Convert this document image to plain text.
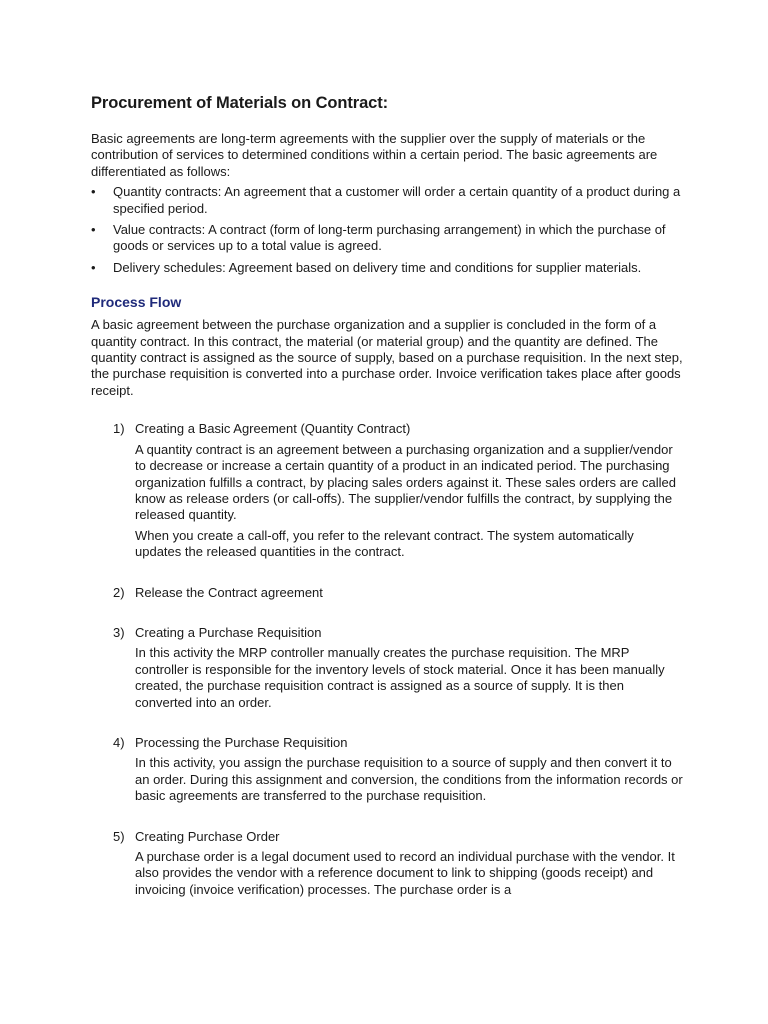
Procurement of Materials on Contract:

Basic agreements are long-term agreements with the supplier over the supply of materials or the contribution of services to determined conditions within a certain period. The basic agreements are differentiated as follows:

• Quantity contracts: An agreement that a customer will order a certain quantity of a product during a specified period.
• Value contracts: A contract (form of long-term purchasing arrangement) in which the purchase of goods or services up to a total value is agreed.
• Delivery schedules: Agreement based on delivery time and conditions for supplier materials.
Process Flow

A basic agreement between the purchase organization and a supplier is concluded in the form of a quantity contract. In this contract, the material (or material group) and the quantity are defined. The quantity contract is assigned as the source of supply, based on a purchase requisition. In the next step, the purchase requisition is converted into a purchase order. Invoice verification takes place after goods receipt.

1) Creating a Basic Agreement (Quantity Contract)

A quantity contract is an agreement between a purchasing organization and a supplier/vendor to decrease or increase a certain quantity of a product in an indicated period. The purchasing organization fulfills a contract, by placing sales orders against it. These sales orders are called know as release orders (or call-offs). The supplier/vendor fulfills the contract, by supplying the released quantity.

When you create a call-off, you refer to the relevant contract. The system automatically updates the released quantities in the contract.

2) Release the Contract agreement
3) Creating a Purchase Requisition

In this activity the MRP controller manually creates the purchase requisition. The MRP controller is responsible for the inventory levels of stock material. Once it has been manually created, the purchase requisition contract is assigned as a source of supply. It is then converted into an order.

4) Processing the Purchase Requisition

In this activity, you assign the purchase requisition to a source of supply and then convert it to an order. During this assignment and conversion, the conditions from the information records or basic agreements are transferred to the purchase requisition.

5) Creating Purchase Order

A purchase order is a legal document used to record an individual purchase with the vendor. It also provides the vendor with a reference document to link to shipping (goods receipt) and invoicing (invoice verification) processes. The purchase order is a
